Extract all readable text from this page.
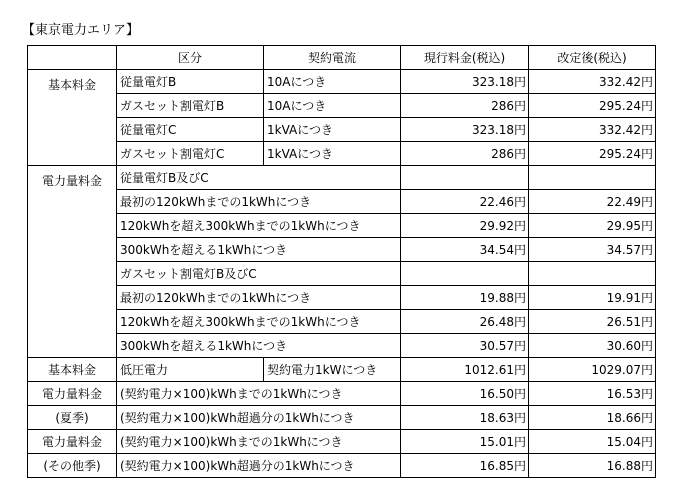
【東京電力エリア】
	区分	契約電流	現行料金(税込)	改定後(税込)
基本料金	従量電灯B	10Aにつき	323.18円	332.42円
	ガスセット割電灯B	10Aにつき	286円	295.24円
	従量電灯C	1kVAにつき	323.18円	332.42円
	ガスセット割電灯C	1kVAにつき	286円	295.24円
電力量料金	従量電灯B及びC			
	最初の120kWhまでの1kWhにつき		22.46円	22.49円
	120kWhを超え300kWhまでの1kWhにつき		29.92円	29.95円
	300kWhを超える1kWhにつき		34.54円	34.57円
	ガスセット割電灯B及びC			
	最初の120kWhまでの1kWhにつき		19.88円	19.91円
	120kWhを超え300kWhまでの1kWhにつき		26.48円	26.51円
	300kWhを超える1kWhにつき		30.57円	30.60円
基本料金	低圧電力	契約電力1kWにつき	1012.61円	1029.07円
電力量料金	(契約電力×100)kWhまでの1kWhにつき		16.50円	16.53円
(夏季)	(契約電力×100)kWh超過分の1kWhにつき		18.63円	18.66円
電力量料金	(契約電力×100)kWhまでの1kWhにつき		15.01円	15.04円
(その他季)	(契約電力×100)kWh超過分の1kWhにつき		16.85円	16.88円
